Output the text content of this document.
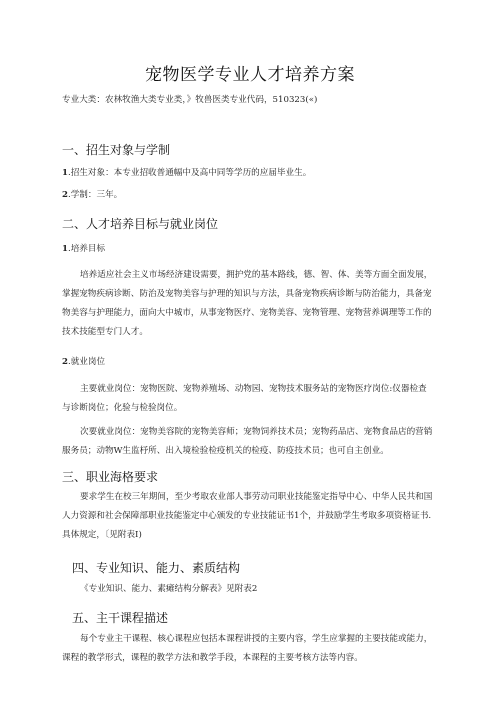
宠物医学专业人才培养方案
专业大类：农林牧渔大类专业类，》牧兽医类专业代码，510323(«)
一、招生对象与学制
1.招生对象：本专业招收普通幅中及高中同等学历的应届毕业生。
2.学制：三年。
二、人才培养目标与就业岗位
1.培养目标
培养适应社会主义市场经济建设需要，拥护党的基本路线，德、智、体、美等方面全面发展，
掌握宠物疾病诊断、防治及宠物美容与护理的知识与方法，具备宠物疾病诊断与防治能力，具备宠
物美容与护理能力，面向大中城市，从事宠物医疗、宠物美容、宠物管理、宠物营养调理等工作的
技术技能型专门人才。
2.就业岗位
主要就业岗位：宠物医院、宠物养殖场、动物园、宠物技术服务站的宠物医疗岗位:仪器检查
与诊断岗位；化验与检验岗位。
次要就业岗位：宠物美容院的宠物美容师；宠物饲养技术员；宠物药品店、宠物食品店的营销
服务员；动物W生监杼所、出入境检验检疫机关的检疫、防疫技术员；也可自主创业。
三、职业海格要求
要求学生在校三年期间，至少考取农业部人事劳动司职业技能鉴定指导中心、中华人民共和国
人力资源和社会保障部职业技能鉴定中心颁发的专业技能证书1个，并鼓励学生考取多项资格证书.
具体规定，〔见附表I)
四、专业知识、能力、素质结构
《专业知识、能力、素瘫结构分解表》见附表2
五、主干课程描述
每个专业主干课程、核心课程应包括本课程讲授的主要内容，学生应掌握的主要技能或能力，
课程的教学形式，课程的教学方法和教学手段，本课程的主要考核方法等内容。
